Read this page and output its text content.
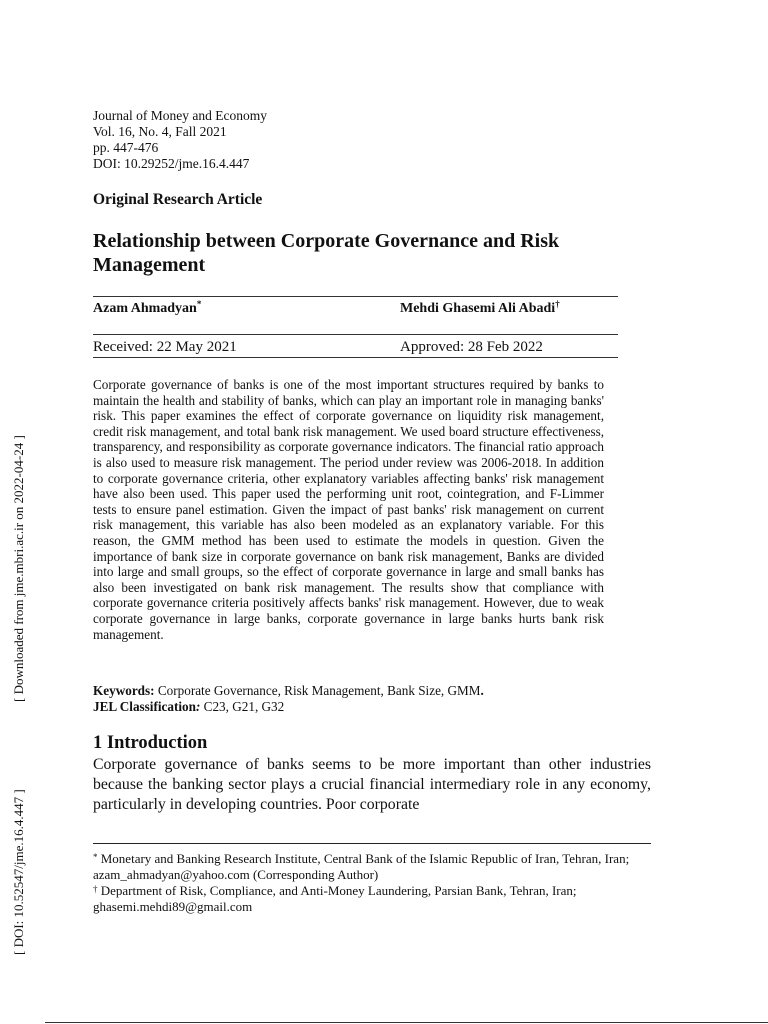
Journal of Money and Economy
Vol. 16, No. 4, Fall 2021
pp. 447-476
DOI: 10.29252/jme.16.4.447
Original Research Article
Relationship between Corporate Governance and Risk Management
Azam Ahmadyan*	Mehdi Ghasemi Ali Abadi†
Received: 22 May 2021	Approved: 28 Feb 2022

Corporate governance of banks is one of the most important structures required by banks to maintain the health and stability of banks, which can play an important role in managing banks' risk. This paper examines the effect of corporate governance on liquidity risk management, credit risk management, and total bank risk management. We used board structure effectiveness, transparency, and responsibility as corporate governance indicators. The financial ratio approach is also used to measure risk management. The period under review was 2006-2018. In addition to corporate governance criteria, other explanatory variables affecting banks' risk management have also been used. This paper used the performing unit root, cointegration, and F-Limmer tests to ensure panel estimation. Given the impact of past banks' risk management on current risk management, this variable has also been modeled as an explanatory variable. For this reason, the GMM method has been used to estimate the models in question. Given the importance of bank size in corporate governance on bank risk management, Banks are divided into large and small groups, so the effect of corporate governance in large and small banks has also been investigated on bank risk management. The results show that compliance with corporate governance criteria positively affects banks' risk management. However, due to weak corporate governance in large banks, corporate governance in large banks hurts bank risk management.

Keywords: Corporate Governance, Risk Management, Bank Size, GMM.
JEL Classification: C23, G21, G32
1 Introduction

Corporate governance of banks seems to be more important than other industries because the banking sector plays a crucial financial intermediary role in any economy, particularly in developing countries. Poor corporate

* Monetary and Banking Research Institute, Central Bank of the Islamic Republic of Iran, Tehran, Iran; azam_ahmadyan@yahoo.com (Corresponding Author)

† Department of Risk, Compliance, and Anti-Money Laundering, Parsian Bank, Tehran, Iran; ghasemi.mehdi89@gmail.com

[ Downloaded from jme.mbri.ac.ir on 2022-04-24 ]
[ DOI: 10.52547/jme.16.4.447 ]
